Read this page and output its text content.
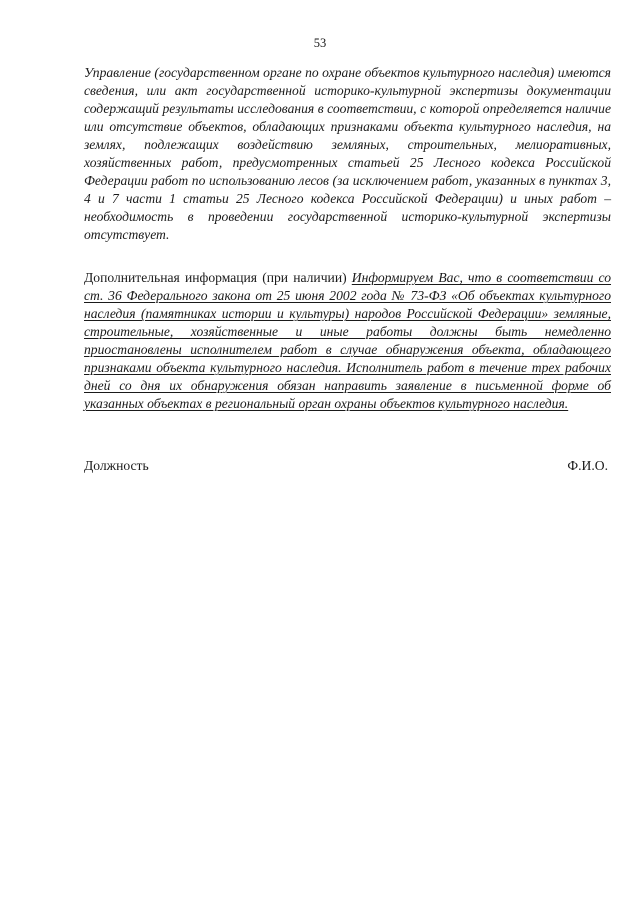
53

Управление (государственном органе по охране объектов культурного наследия) имеются сведения, или акт государственной историко-культурной экспертизы документации содержащий результаты исследования в соответствии, с которой определяется наличие или отсутствие объектов, обладающих признаками объекта культурного наследия, на землях, подлежащих воздействию земляных, строительных, мелиоративных, хозяйственных работ, предусмотренных статьей 25 Лесного кодекса Российской Федерации работ по использованию лесов (за исключением работ, указанных в пунктах 3, 4 и 7 части 1 статьи 25 Лесного кодекса Российской Федерации) и иных работ – необходимость в проведении государственной историко-культурной экспертизы отсутствует.

Дополнительная информация (при наличии) Информируем Вас, что в соответствии со ст. 36 Федерального закона от 25 июня 2002 года № 73-ФЗ «Об объектах культурного наследия (памятниках истории и культуры) народов Российской Федерации» земляные, строительные, хозяйственные и иные работы должны быть немедленно приостановлены исполнителем работ в случае обнаружения объекта, обладающего признаками объекта культурного наследия. Исполнитель работ в течение трех рабочих дней со дня их обнаружения обязан направить заявление в письменной форме об указанных объектах в региональный орган охраны объектов культурного наследия.

Должность	Ф.И.О.
